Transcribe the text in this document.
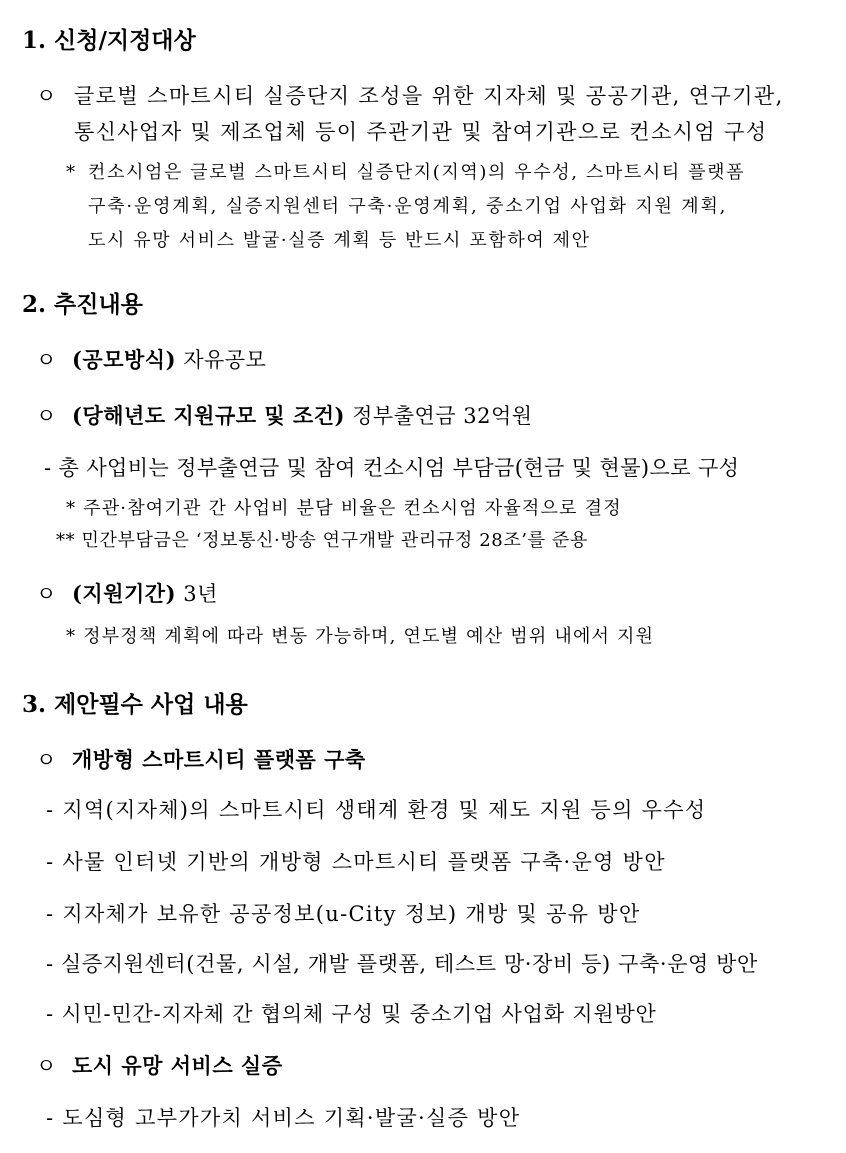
1. 신청/지정대상
ㅇ 글로벌 스마트시티 실증단지 조성을 위한 지자체 및 공공기관, 연구기관,
통신사업자 및 제조업체 등이 주관기관 및 참여기관으로 컨소시엄 구성
* 컨소시엄은 글로벌 스마트시티 실증단지(지역)의 우수성, 스마트시티 플랫폼
구축·운영계획, 실증지원센터 구축·운영계획, 중소기업 사업화 지원 계획,
도시 유망 서비스 발굴·실증 계획 등 반드시 포함하여 제안
2. 추진내용
ㅇ (공모방식) 자유공모
ㅇ (당해년도 지원규모 및 조건) 정부출연금 32억원
- 총 사업비는 정부출연금 및 참여 컨소시엄 부담금(현금 및 현물)으로 구성
* 주관·참여기관 간 사업비 분담 비율은 컨소시엄 자율적으로 결정
** 민간부담금은 ‘정보통신·방송 연구개발 관리규정 28조’를 준용
ㅇ (지원기간) 3년
* 정부정책 계획에 따라 변동 가능하며, 연도별 예산 범위 내에서 지원
3. 제안필수 사업 내용
ㅇ 개방형 스마트시티 플랫폼 구축
- 지역(지자체)의 스마트시티 생태계 환경 및 제도 지원 등의 우수성
- 사물 인터넷 기반의 개방형 스마트시티 플랫폼 구축·운영 방안
- 지자체가 보유한 공공정보(u-City 정보) 개방 및 공유 방안
- 실증지원센터(건물, 시설, 개발 플랫폼, 테스트 망·장비 등) 구축·운영 방안
- 시민-민간-지자체 간 협의체 구성 및 중소기업 사업화 지원방안
ㅇ 도시 유망 서비스 실증
- 도심형 고부가가치 서비스 기획·발굴·실증 방안
